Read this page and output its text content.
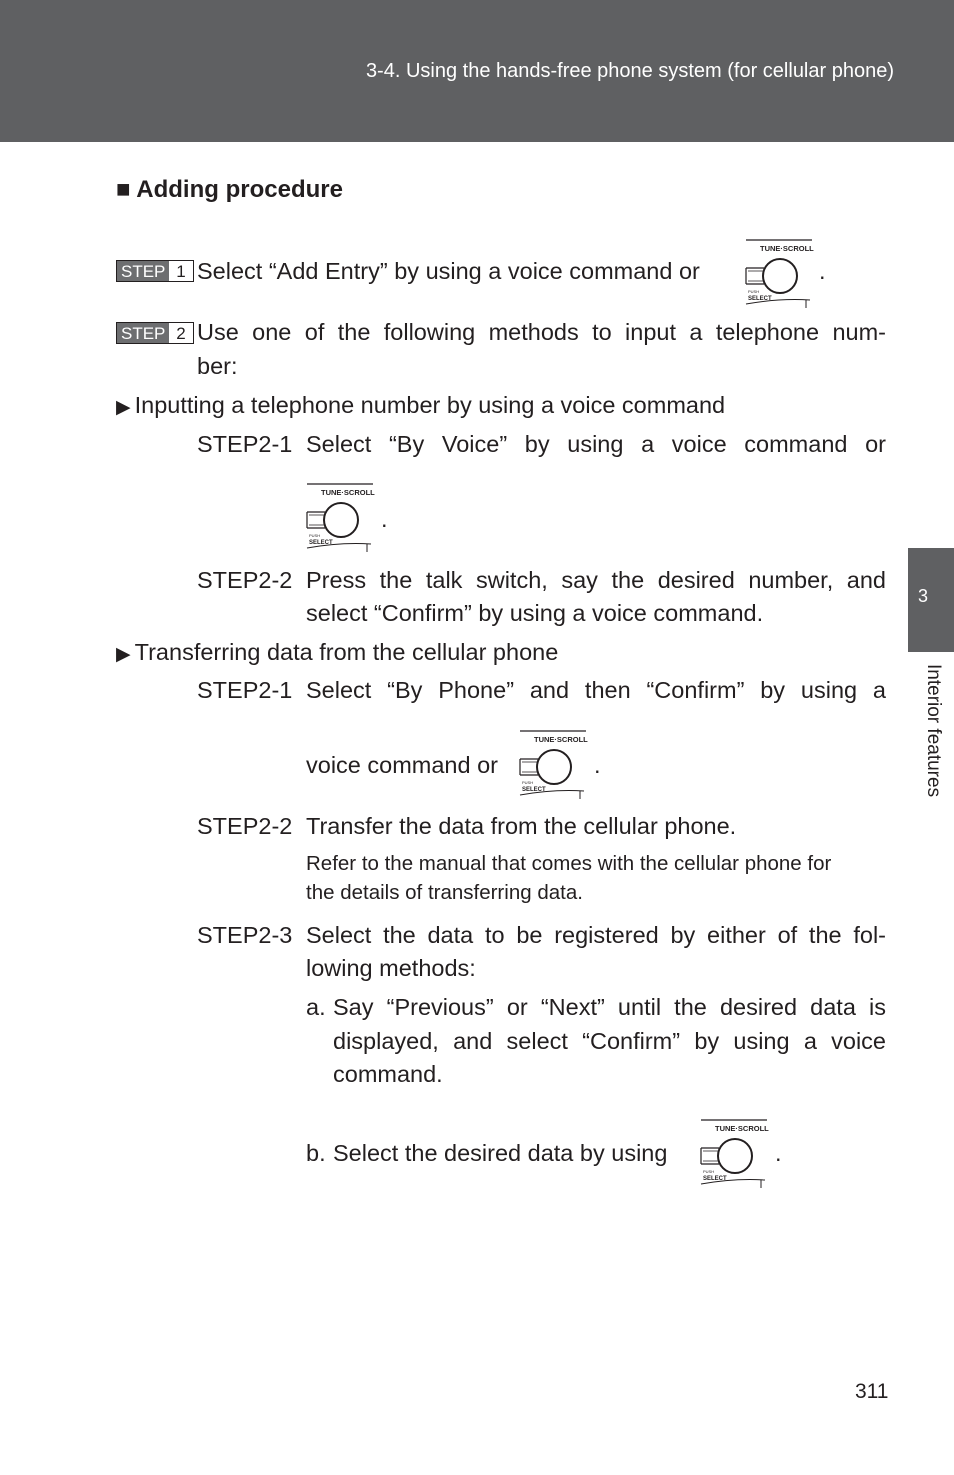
3-4. Using the hands-free phone system (for cellular phone)
3
Interior features
■ Adding procedure
STEP 1 Select “Add Entry” by using a voice command or	.
STEP 2 Use one of the following methods to input a telephone num-
ber:
▶ Inputting a telephone number by using a voice command
STEP2-1 Select “By Voice” by using a voice command or
.
STEP2-2 Press the talk switch, say the desired number, and
select “Confirm” by using a voice command.
▶ Transferring data from the cellular phone
STEP2-1 Select “By Phone” and then “Confirm” by using a
voice command or	.
STEP2-2 Transfer the data from the cellular phone.
Refer to the manual that comes with the cellular phone for
the details of transferring data.
STEP2-3 Select the data to be registered by either of the fol-
lowing methods:
a. Say “Previous” or “Next” until the desired data is
displayed, and select “Confirm” by using a voice
command.
b. Select the desired data by using	.
TUNE·SCROLL
PUSH
SELECT
TUNE·SCROLL
PUSH
SELECT
TUNE·SCROLL
PUSH
SELECT
TUNE·SCROLL
PUSH
SELECT
311
